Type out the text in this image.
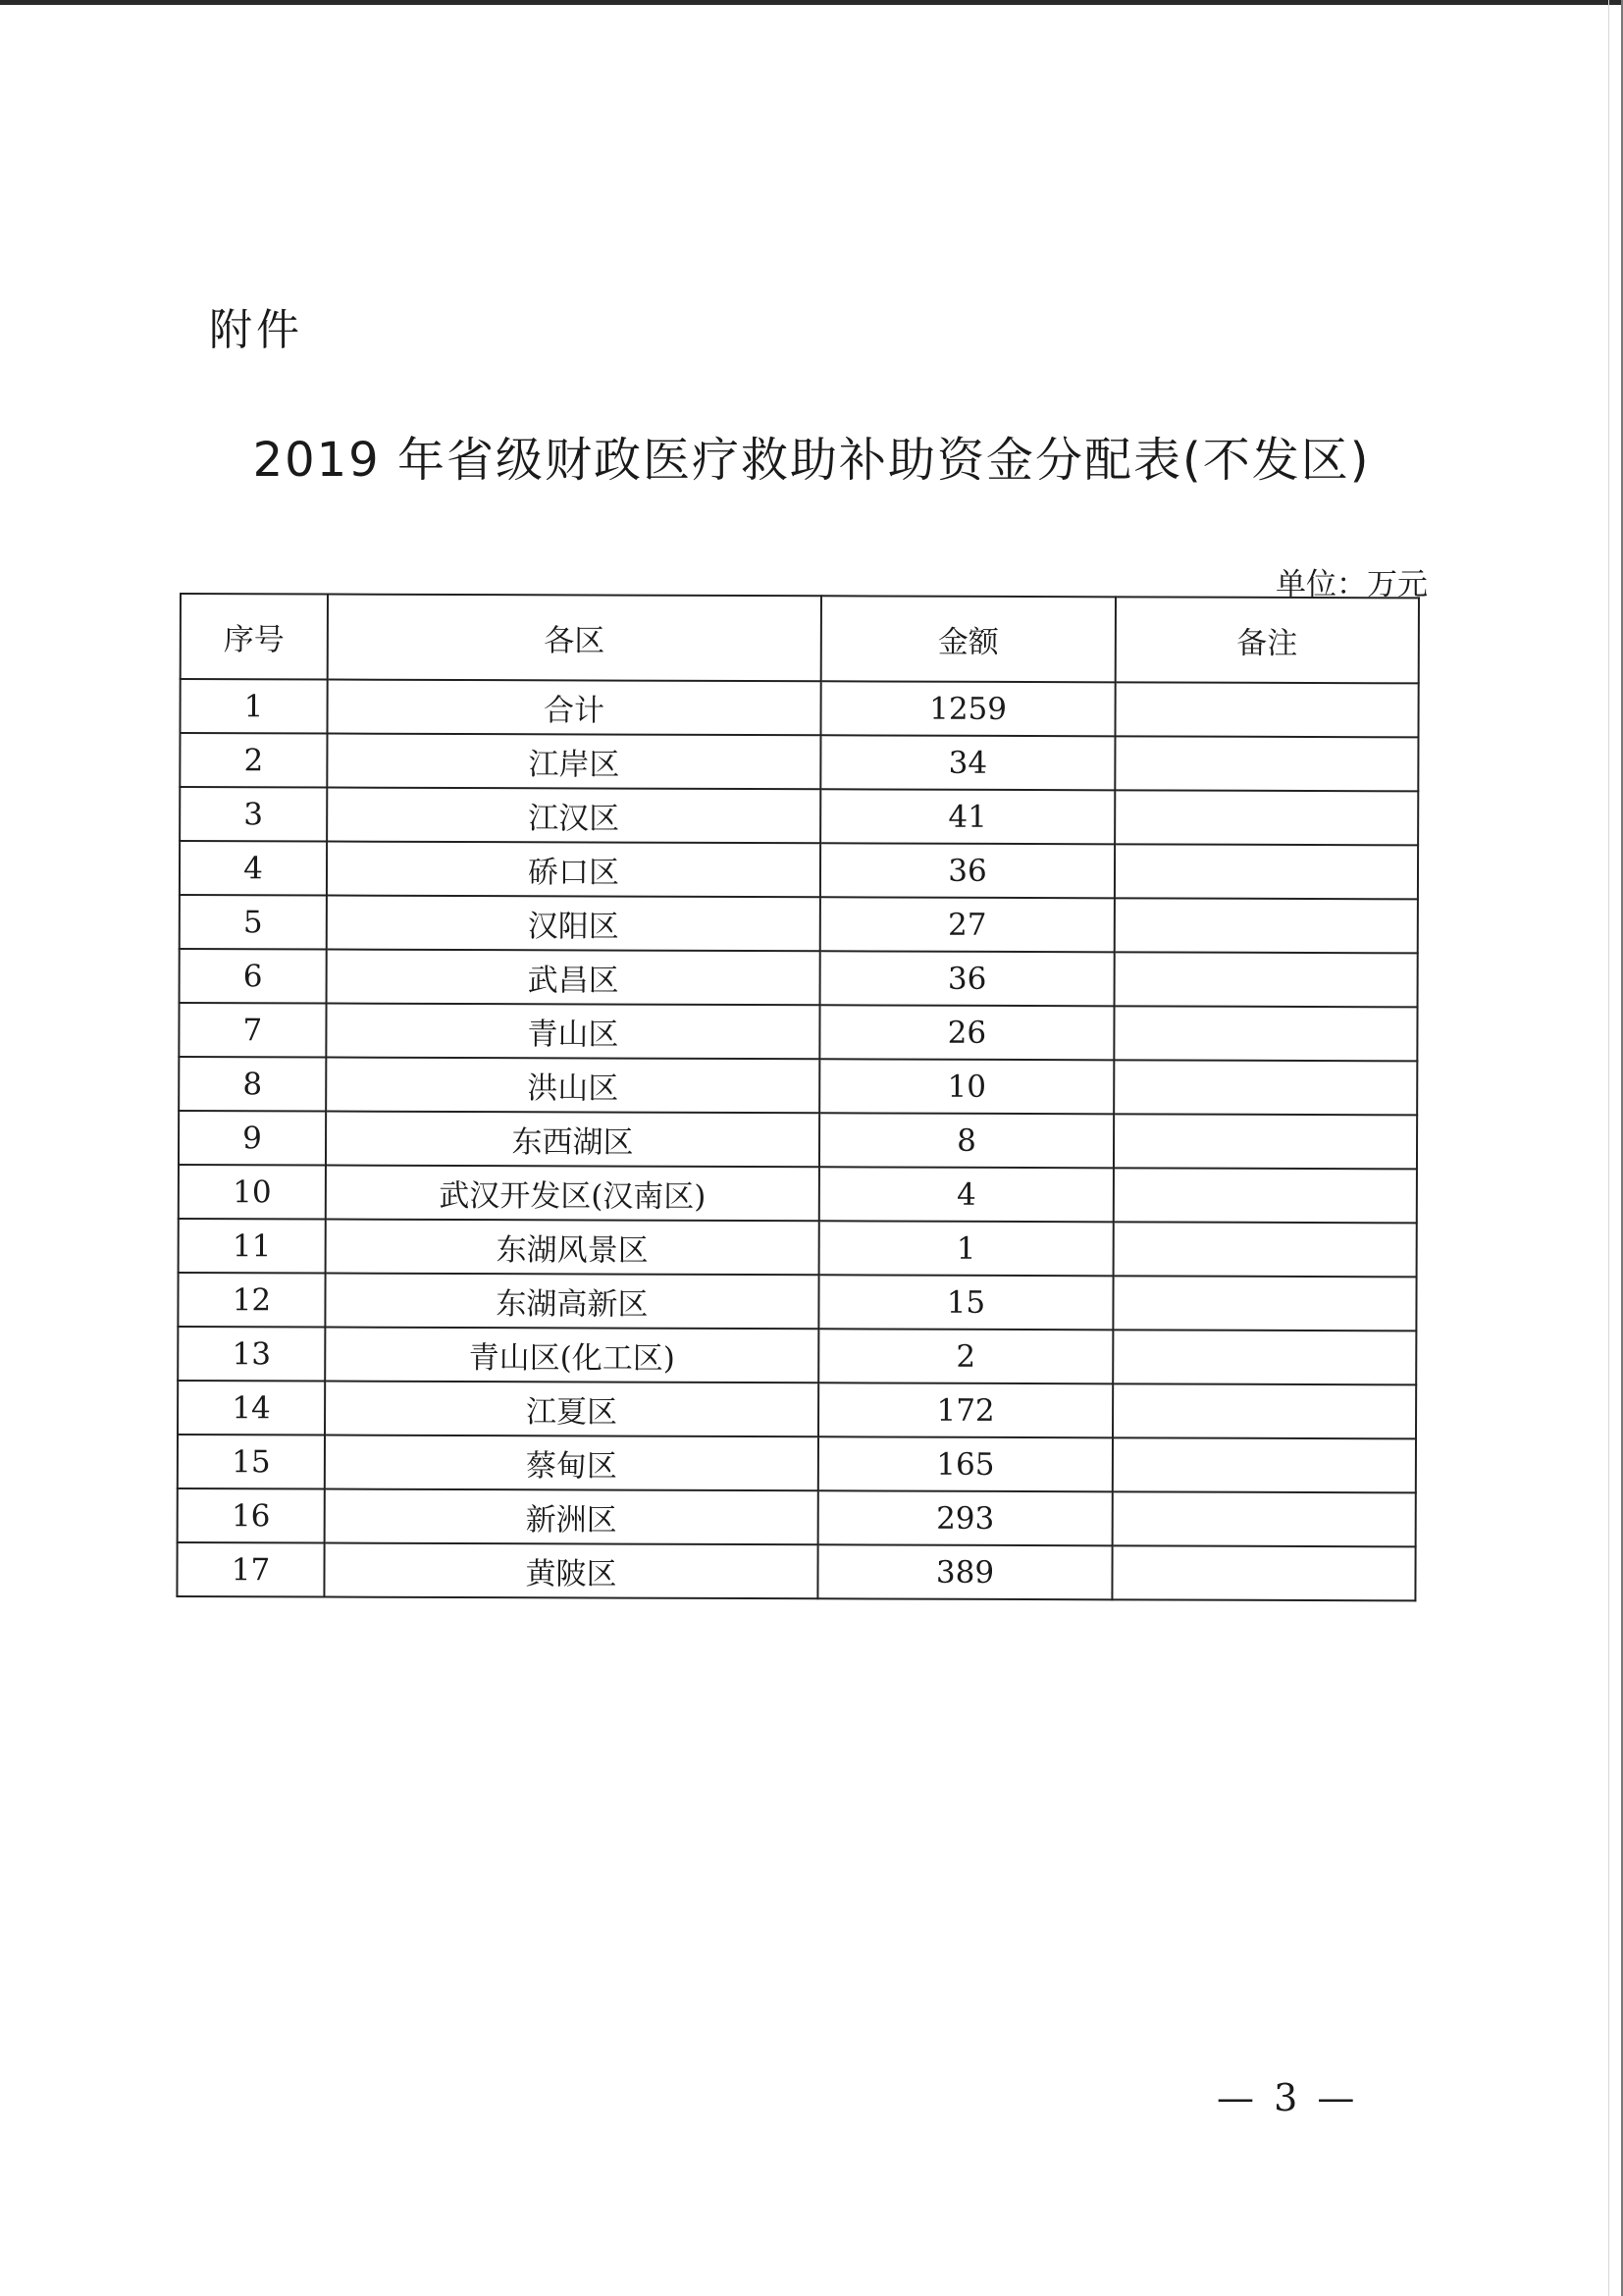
附件
2019 年省级财政医疗救助补助资金分配表(不发区)
单位：万元
序号	各区	金额	备注
1	合计	1259	
2	江岸区	34	
3	江汉区	41	
4	硚口区	36	
5	汉阳区	27	
6	武昌区	36	
7	青山区	26	
8	洪山区	10	
9	东西湖区	8	
10	武汉开发区(汉南区)	4	
11	东湖风景区	1	
12	东湖高新区	15	
13	青山区(化工区)	2	
14	江夏区	172	
15	蔡甸区	165	
16	新洲区	293	
17	黄陂区	389	
— 3 —
